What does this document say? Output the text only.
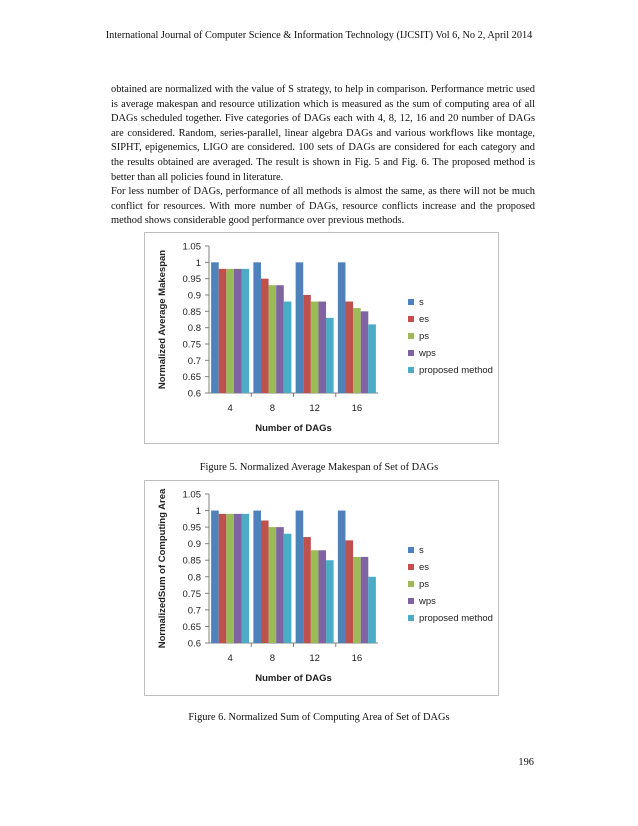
International Journal of Computer Science & Information Technology (IJCSIT) Vol 6, No 2, April 2014

obtained are normalized with the value of S strategy, to help in comparison. Performance metric used is average makespan and resource utilization which is measured as the sum of computing area of all DAGs scheduled together. Five categories of DAGs each with 4, 8, 12, 16 and 20 number of DAGs are considered. Random, series-parallel, linear algebra DAGs and various workflows like montage, SIPHT, epigenemics, LIGO are considered. 100 sets of DAGs are considered for each category and the results obtained are averaged. The result is shown in Fig. 5 and Fig. 6. The proposed method is better than all policies found in literature.

For less number of DAGs, performance of all methods is almost the same, as there will not be much conflict for resources. With more number of DAGs, resource conflicts increase and the proposed method shows considerable good performance over previous methods.

0.6
0.65
0.7
0.75
0.8
0.85
0.9
0.95
1
1.05
4	8	12	16
Number of DAGs
Normalized Average Makespan	s
es
ps
wps
proposed method
Figure 5. Normalized Average Makespan of Set of DAGs
0.6
0.65
0.7
0.75
0.8
0.85
0.9
0.95
1
1.05
4	8	12	16
Number of DAGs
NormalizedSum of Computing Area	s
es
ps
wps
proposed method
Figure 6. Normalized Sum of Computing Area of Set of DAGs
196
